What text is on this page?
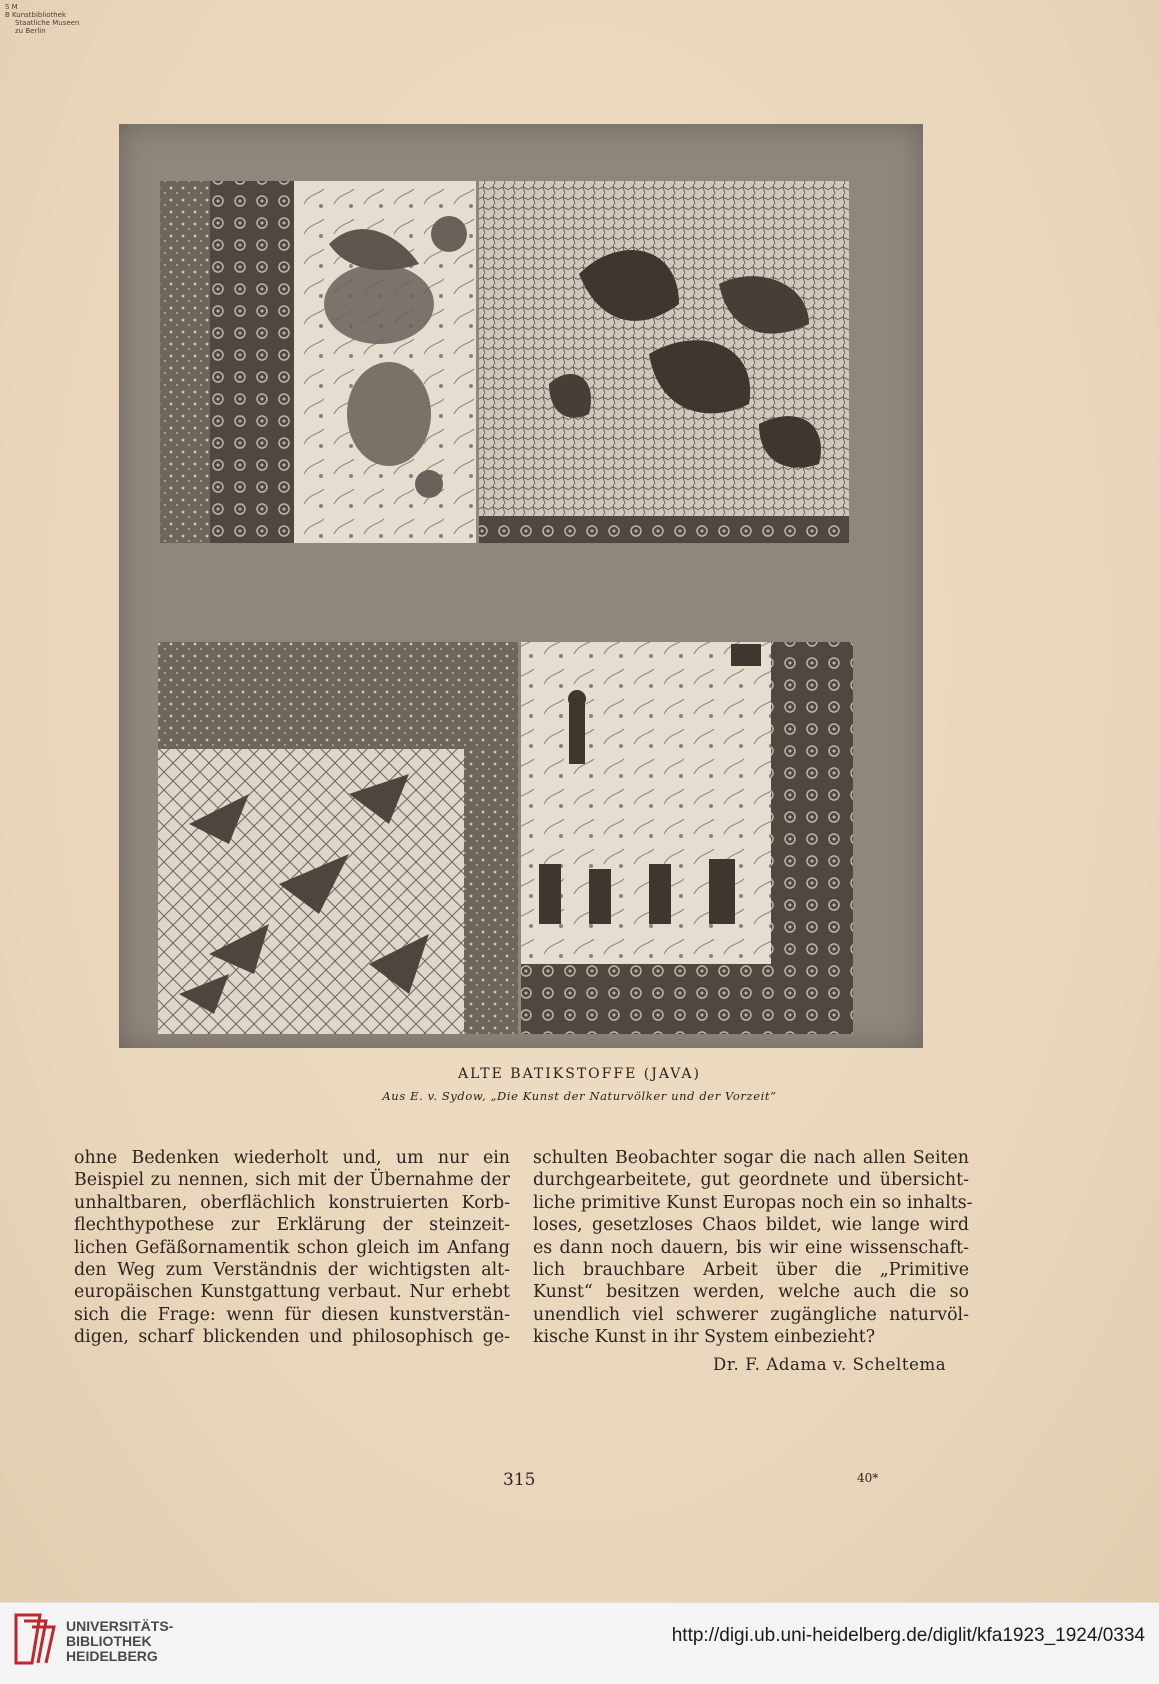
S M
B Kunstbibliothek
Staatliche Museen
zu Berlin
ALTE BATIKSTOFFE (JAVA)
Aus E. v. Sydow, „Die Kunst der Naturvölker und der Vorzeit“
ohne Bedenken wiederholt und, um nur ein
Beispiel zu nennen, sich mit der Übernahme der
unhaltbaren, oberflächlich konstruierten Korb-
flechthypothese zur Erklärung der steinzeit-
lichen Gefäßornamentik schon gleich im Anfang
den Weg zum Verständnis der wichtigsten alt-
europäischen Kunstgattung verbaut. Nur erhebt
sich die Frage: wenn für diesen kunstverstän-
digen, scharf blickenden und philosophisch ge-
schulten Beobachter sogar die nach allen Seiten
durchgearbeitete, gut geordnete und übersicht-
liche primitive Kunst Europas noch ein so inhalts-
loses, gesetzloses Chaos bildet, wie lange wird
es dann noch dauern, bis wir eine wissenschaft-
lich brauchbare Arbeit über die „Primitive
Kunst“ besitzen werden, welche auch die so
unendlich viel schwerer zugängliche naturvöl-
kische Kunst in ihr System einbezieht?
Dr. F. Adama v. Scheltema
315	40*
UNIVERSITÄTS-
BIBLIOTHEK
HEIDELBERG
http://digi.ub.uni-heidelberg.de/diglit/kfa1923_1924/0334
